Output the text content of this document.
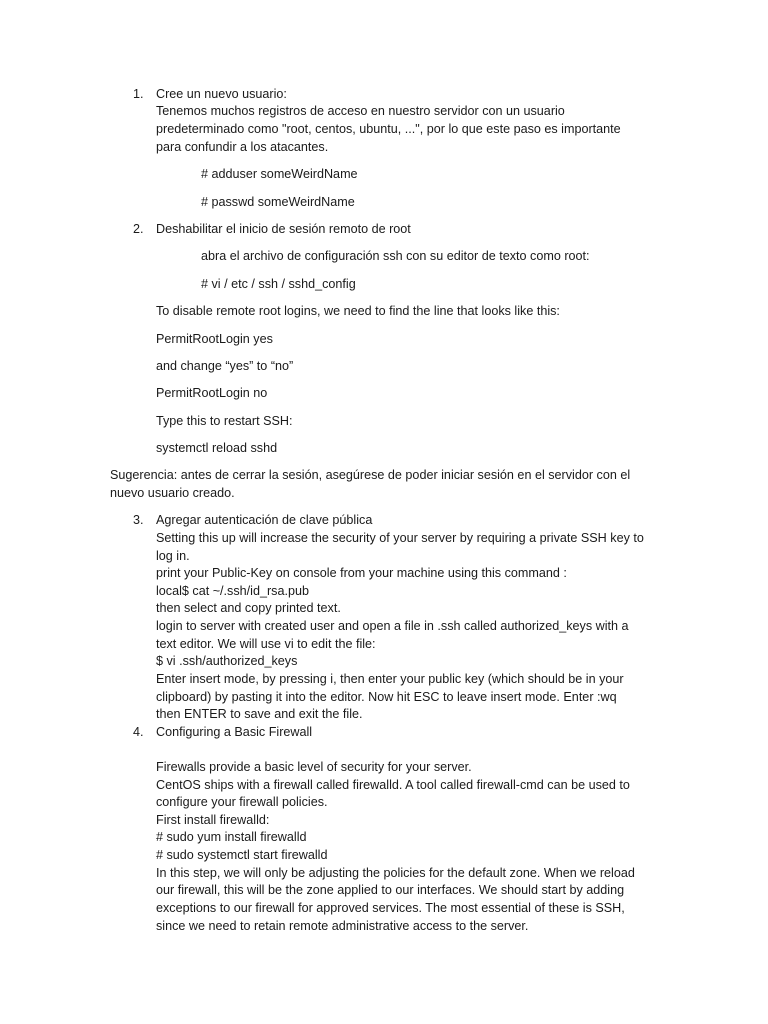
1. Cree un nuevo usuario:
Tenemos muchos registros de acceso en nuestro servidor con un usuario
predeterminado como "root, centos, ubuntu, ...", por lo que este paso es importante
para confundir a los atacantes.
# adduser someWeirdName
# passwd someWeirdName
2. Deshabilitar el inicio de sesión remoto de root
abra el archivo de configuración ssh con su editor de texto como root:
# vi / etc / ssh / sshd_config
To disable remote root logins, we need to find the line that looks like this:
PermitRootLogin yes
and change “yes” to “no”
PermitRootLogin no
Type this to restart SSH:
systemctl reload sshd
Sugerencia: antes de cerrar la sesión, asegúrese de poder iniciar sesión en el servidor con el
nuevo usuario creado.
3. Agregar autenticación de clave pública
Setting this up will increase the security of your server by requiring a private SSH key to
log in.
print your Public-Key on console from your machine using this command :
local$ cat ~/.ssh/id_rsa.pub
then select and copy printed text.
login to server with created user and open a file in .ssh called authorized_keys with a
text editor. We will use vi to edit the file:
$ vi .ssh/authorized_keys
Enter insert mode, by pressing i, then enter your public key (which should be in your
clipboard) by pasting it into the editor. Now hit ESC to leave insert mode. Enter :wq
then ENTER to save and exit the file.
4. Configuring a Basic Firewall
Firewalls provide a basic level of security for your server.
CentOS ships with a firewall called firewalld. A tool called firewall-cmd can be used to
configure your firewall policies.
First install firewalld:
# sudo yum install firewalld
# sudo systemctl start firewalld
In this step, we will only be adjusting the policies for the default zone. When we reload
our firewall, this will be the zone applied to our interfaces. We should start by adding
exceptions to our firewall for approved services. The most essential of these is SSH,
since we need to retain remote administrative access to the server.
